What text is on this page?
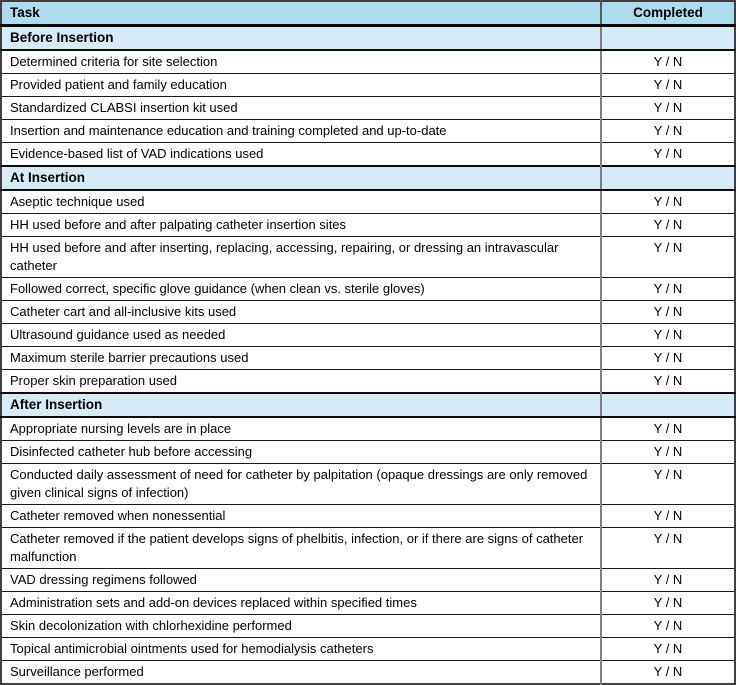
Task	Completed
Before Insertion	
Determined criteria for site selection	Y / N
Provided patient and family education	Y / N
Standardized CLABSI insertion kit used	Y / N
Insertion and maintenance education and training completed and up-to-date	Y / N
Evidence-based list of VAD indications used	Y / N
At Insertion	
Aseptic technique used	Y / N
HH used before and after palpating catheter insertion sites	Y / N
HH used before and after inserting, replacing, accessing, repairing, or dressing an intravascular catheter	Y / N
Followed correct, specific glove guidance (when clean vs. sterile gloves)	Y / N
Catheter cart and all-inclusive kits used	Y / N
Ultrasound guidance used as needed	Y / N
Maximum sterile barrier precautions used	Y / N
Proper skin preparation used	Y / N
After Insertion	
Appropriate nursing levels are in place	Y / N
Disinfected catheter hub before accessing	Y / N
Conducted daily assessment of need for catheter by palpitation (opaque dressings are only removed given clinical signs of infection)	Y / N
Catheter removed when nonessential	Y / N
Catheter removed if the patient develops signs of phelbitis, infection, or if there are signs of catheter malfunction	Y / N
VAD dressing regimens followed	Y / N
Administration sets and add-on devices replaced within specified times	Y / N
Skin decolonization with chlorhexidine performed	Y / N
Topical antimicrobial ointments used for hemodialysis catheters	Y / N
Surveillance performed	Y / N
